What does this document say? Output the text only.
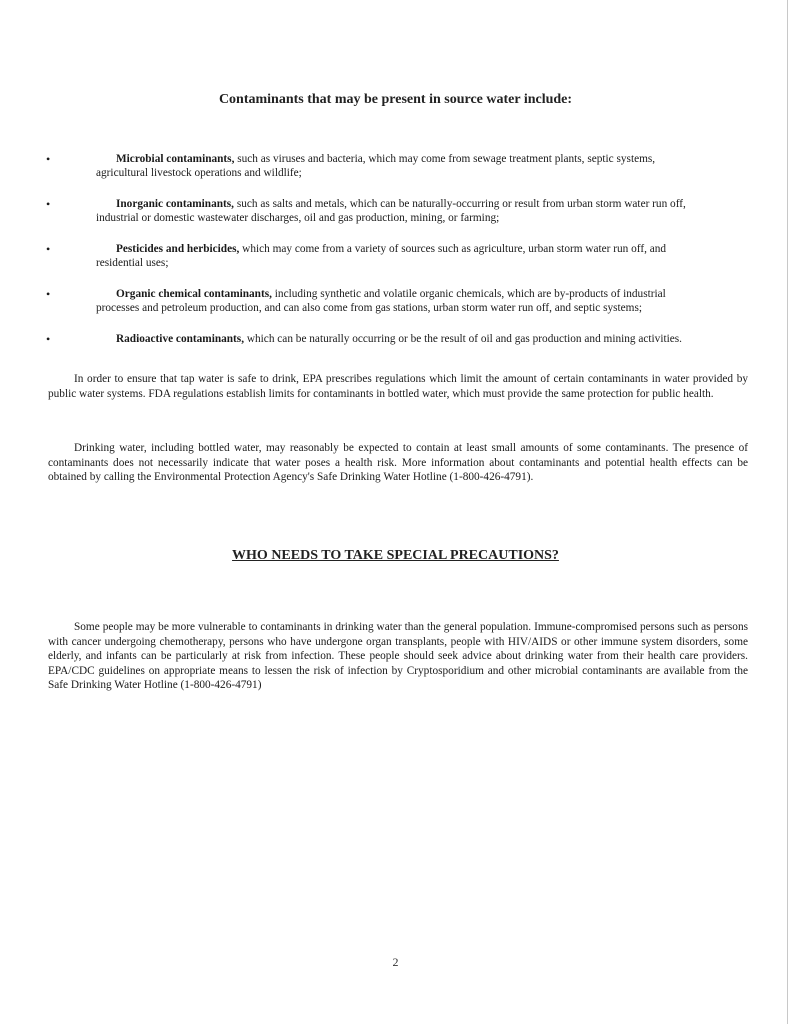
Contaminants that may be present in source water include:
•	Microbial contaminants, such as viruses and bacteria, which may come from sewage treatment plants, septic systems,
agricultural livestock operations and wildlife;
•	Inorganic contaminants, such as salts and metals, which can be naturally-occurring or result from urban storm water run off,
industrial or domestic wastewater discharges, oil and gas production, mining, or farming;
•	Pesticides and herbicides, which may come from a variety of sources such as agriculture, urban storm water run off, and
residential uses;
•	Organic chemical contaminants, including synthetic and volatile organic chemicals, which are by-products of industrial
processes and petroleum production, and can also come from gas stations, urban storm water run off, and septic systems;
•	Radioactive contaminants, which can be naturally occurring or be the result of oil and gas production and mining activities.

In order to ensure that tap water is safe to drink, EPA prescribes regulations which limit the amount of certain contaminants in water provided by public water systems. FDA regulations establish limits for contaminants in bottled water, which must provide the same protection for public health.

Drinking water, including bottled water, may reasonably be expected to contain at least small amounts of some contaminants. The presence of contaminants does not necessarily indicate that water poses a health risk. More information about contaminants and potential health effects can be obtained by calling the Environmental Protection Agency's Safe Drinking Water Hotline (1-800-426-4791).

WHO NEEDS TO TAKE SPECIAL PRECAUTIONS?

Some people may be more vulnerable to contaminants in drinking water than the general population. Immune-compromised persons such as persons with cancer undergoing chemotherapy, persons who have undergone organ transplants, people with HIV/AIDS or other immune system disorders, some elderly, and infants can be particularly at risk from infection. These people should seek advice about drinking water from their health care providers. EPA/CDC guidelines on appropriate means to lessen the risk of infection by Cryptosporidium and other microbial contaminants are available from the Safe Drinking Water Hotline (1-800-426-4791)

2
